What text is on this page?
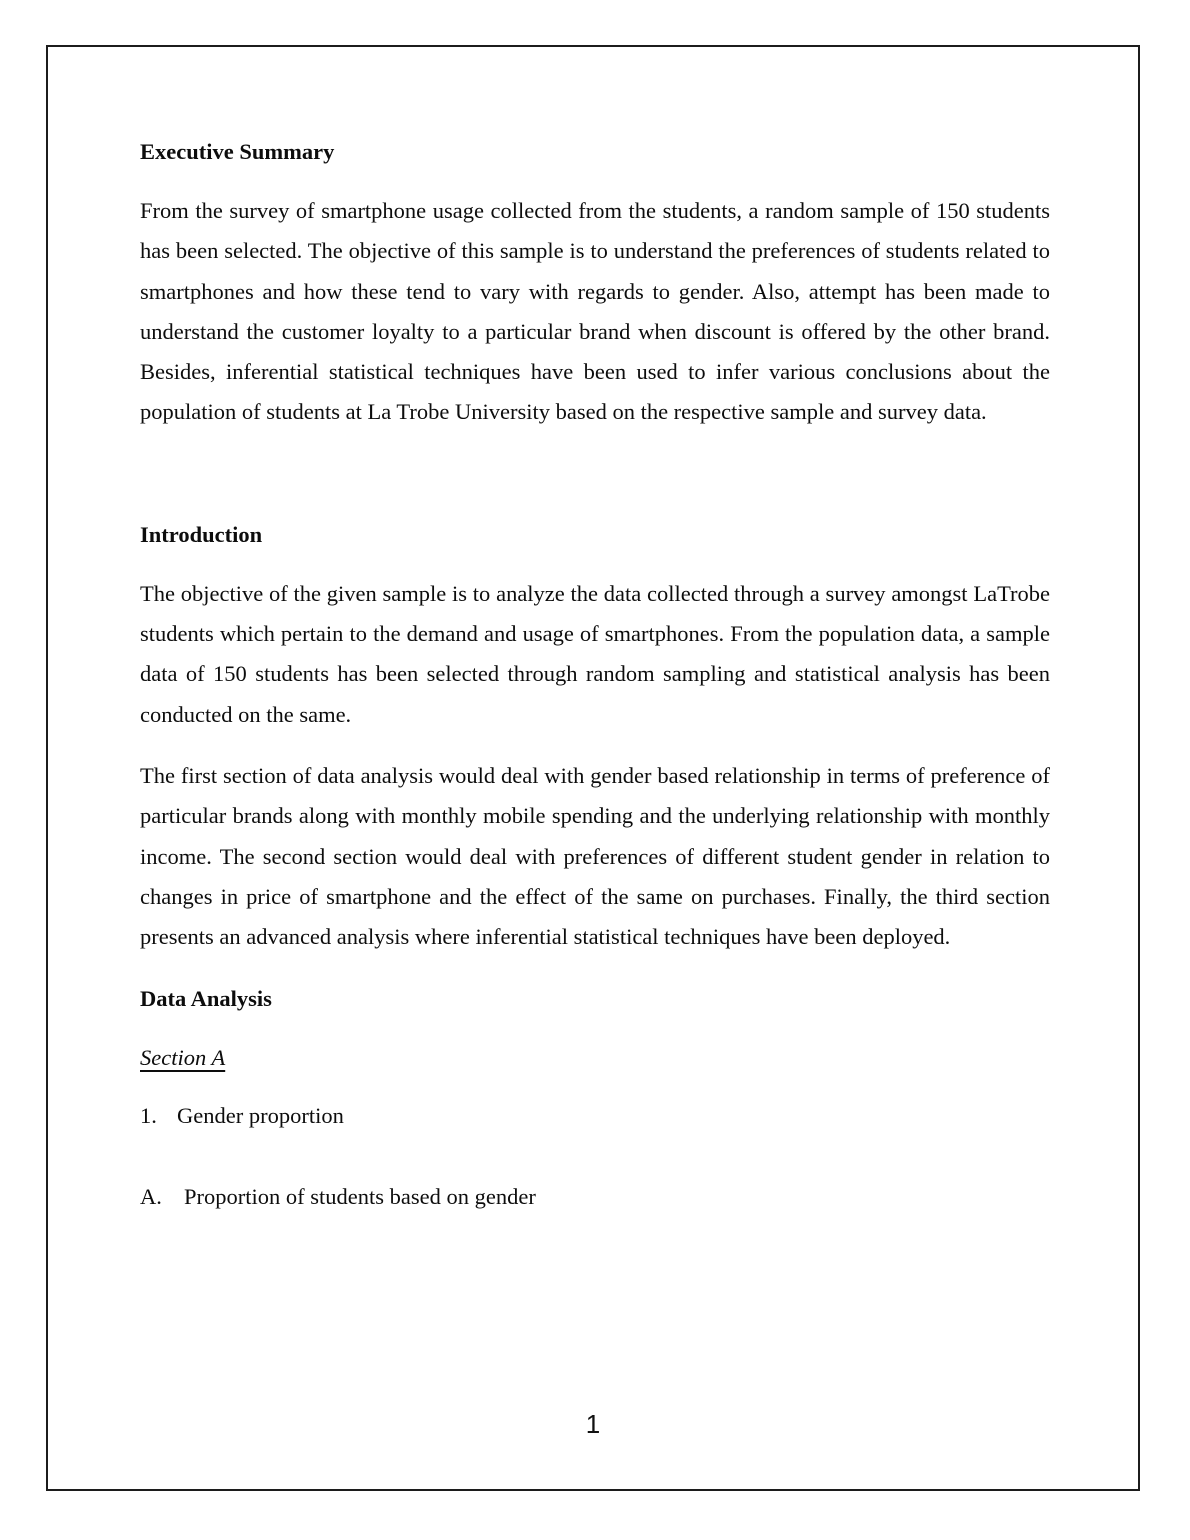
Executive Summary

From the survey of smartphone usage collected from the students, a random sample of 150 students has been selected. The objective of this sample is to understand the preferences of students related to smartphones and how these tend to vary with regards to gender. Also, attempt has been made to understand the customer loyalty to a particular brand when discount is offered by the other brand. Besides, inferential statistical techniques have been used to infer various conclusions about the population of students at La Trobe University based on the respective sample and survey data.

Introduction

The objective of the given sample is to analyze the data collected through a survey amongst LaTrobe students which pertain to the demand and usage of smartphones. From the population data, a sample data of 150 students has been selected through random sampling and statistical analysis has been conducted on the same.

The first section of data analysis would deal with gender based relationship in terms of preference of particular brands along with monthly mobile spending and the underlying relationship with monthly income. The second section would deal with preferences of different student gender in relation to changes in price of smartphone and the effect of the same on purchases. Finally, the third section presents an advanced analysis where inferential statistical techniques have been deployed.

Data Analysis
Section A
1. Gender proportion
A. Proportion of students based on gender
1
